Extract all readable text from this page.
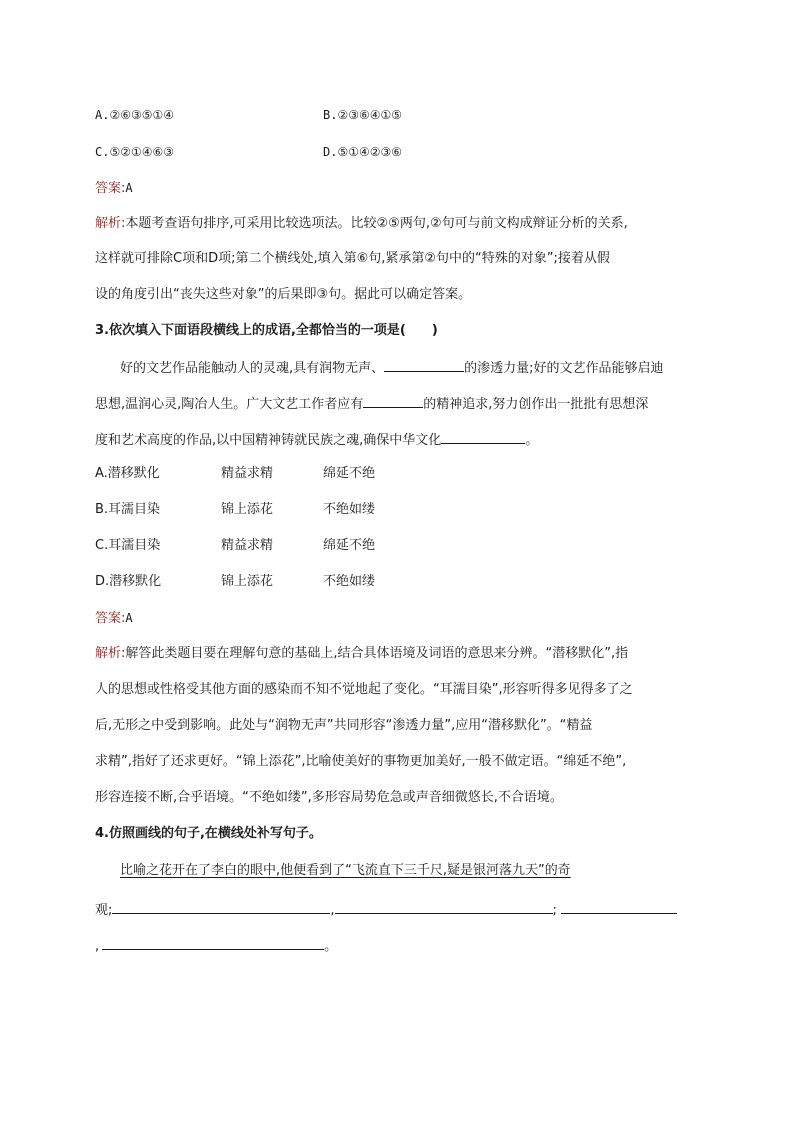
A.②⑥③⑤①④	B.②③⑥④①⑤
C.⑤②①④⑥③	D.⑤①④②③⑥
答案:A
解析:本题考查语句排序,可采用比较选项法。比较②⑤两句,②句可与前文构成辩证分析的关系,
这样就可排除C项和D项;第二个横线处,填入第⑥句,紧承第②句中的“特殊的对象”;接着从假
设的角度引出“丧失这些对象”的后果即③句。据此可以确定答案。
3.依次填入下面语段横线上的成语,全都恰当的一项是(　　)
好的文艺作品能触动人的灵魂,具有润物无声、	的渗透力量;好的文艺作品能够启迪
思想,温润心灵,陶冶人生。广大文艺工作者应有	的精神追求,努力创作出一批批有思想深
度和艺术高度的作品,以中国精神铸就民族之魂,确保中华文化	。
A.潜移默化	精益求精	绵延不绝
B.耳濡目染	锦上添花	不绝如缕
C.耳濡目染	精益求精	绵延不绝
D.潜移默化	锦上添花	不绝如缕
答案:A
解析:解答此类题目要在理解句意的基础上,结合具体语境及词语的意思来分辨。“潜移默化”,指
人的思想或性格受其他方面的感染而不知不觉地起了变化。“耳濡目染”,形容听得多见得多了之
后,无形之中受到影响。此处与“润物无声”共同形容“渗透力量”,应用“潜移默化”。“精益
求精”,指好了还求更好。“锦上添花”,比喻使美好的事物更加美好,一般不做定语。“绵延不绝”,
形容连接不断,合乎语境。“不绝如缕”,多形容局势危急或声音细微悠长,不合语境。
4.仿照画线的句子,在横线处补写句子。
比喻之花开在了李白的眼中,他便看到了“飞流直下三千尺,疑是银河落九天”的奇
观;	,	;
,	。
